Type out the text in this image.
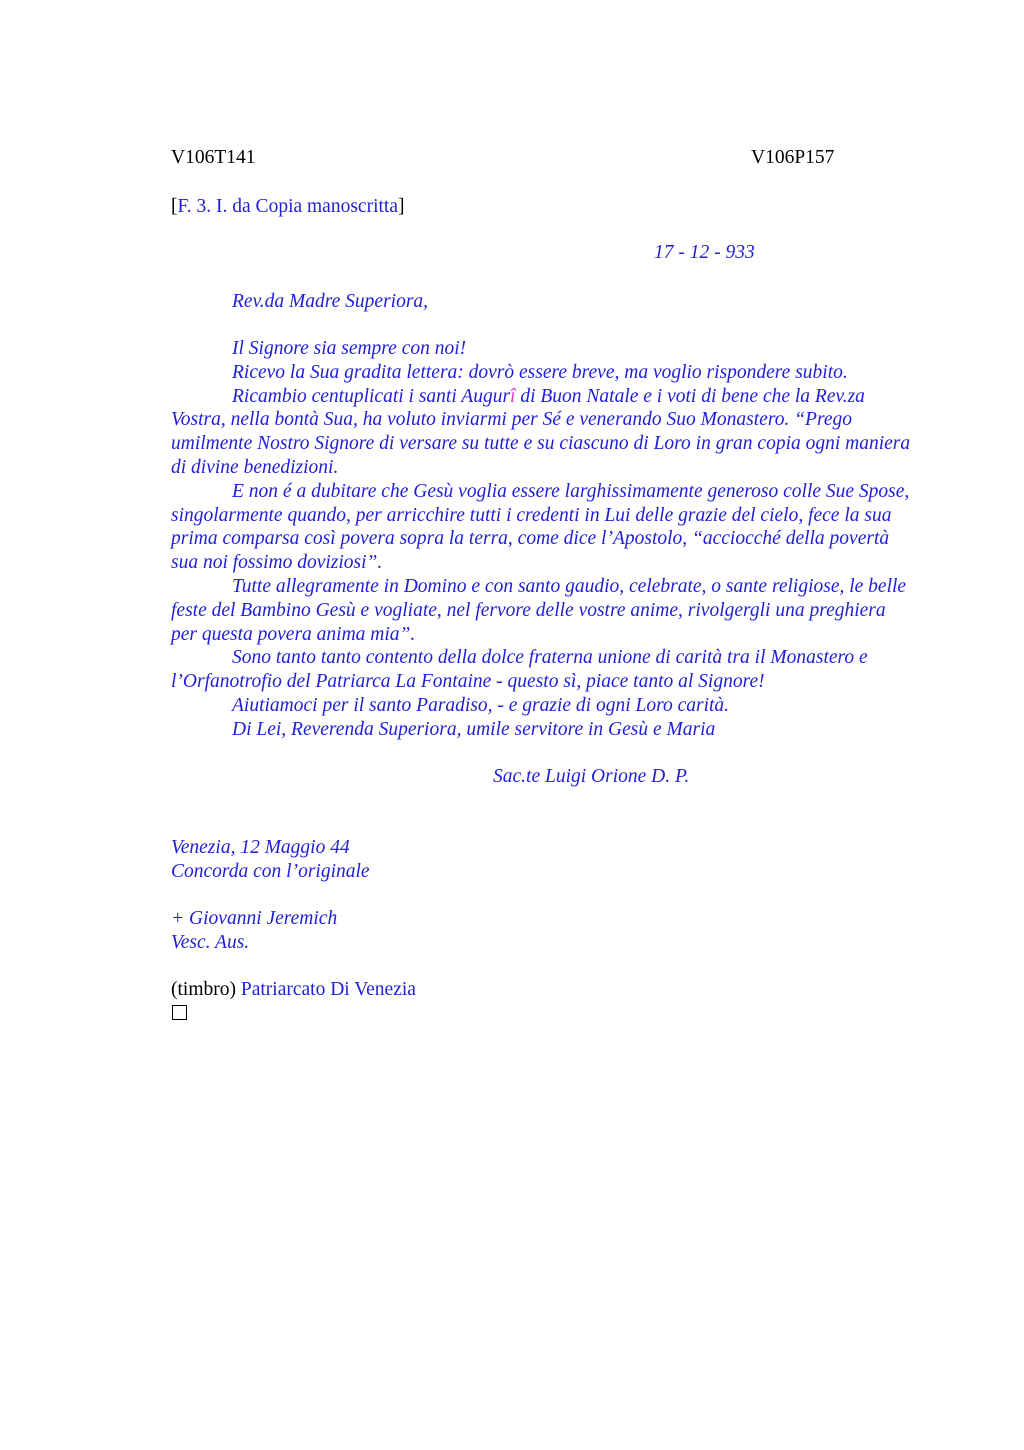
V106T141	V106P157
[F. 3. I. da Copia manoscritta]
17 - 12 - 933
Rev.da Madre Superiora,
Il Signore sia sempre con noi!
Ricevo la Sua gradita lettera: dovrò essere breve, ma voglio rispondere subito.
Ricambio centuplicati i santi Augurî di Buon Natale e i voti di bene che la Rev.za Vostra, nella bontà Sua, ha voluto inviarmi per Sé e venerando Suo Monastero. “Prego umilmente Nostro Signore di versare su tutte e su ciascuno di Loro in gran copia ogni maniera di divine benedizioni.
E non é a dubitare che Gesù voglia essere larghissimamente generoso colle Sue Spose, singolarmente quando, per arricchire tutti i credenti in Lui delle grazie del cielo, fece la sua prima comparsa così povera sopra la terra, come dice l’Apostolo, “acciocché della povertà sua noi fossimo doviziosi”.
Tutte allegramente in Domino e con santo gaudio, celebrate, o sante religiose, le belle feste del Bambino Gesù e vogliate, nel fervore delle vostre anime, rivolgergli una preghiera per questa povera anima mia”.
Sono tanto tanto contento della dolce fraterna unione di carità tra il Monastero e l’Orfanotrofio del Patriarca La Fontaine - questo sì, piace tanto al Signore!
Aiutiamoci per il santo Paradiso, - e grazie di ogni Loro carità.
Di Lei, Reverenda Superiora, umile servitore in Gesù e Maria
Sac.te Luigi Orione D. P.
Venezia, 12 Maggio 44
Concorda con l’originale
+ Giovanni Jeremich
Vesc. Aus.
(timbro) Patriarcato Di Venezia
